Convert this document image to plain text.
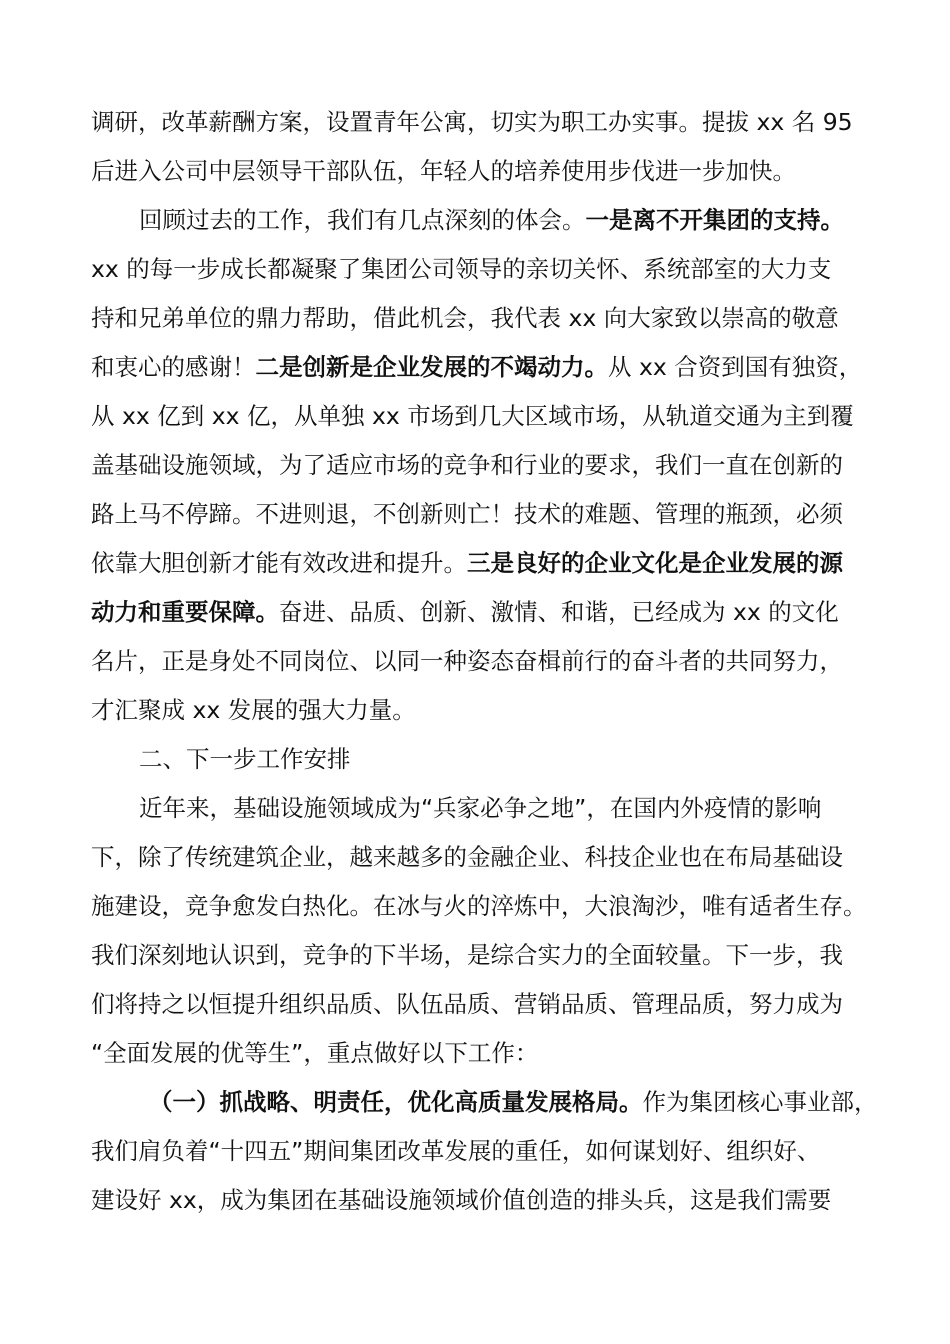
调研，改革薪酬方案，设置青年公寓，切实为职工办实事。提拔 xx 名 95
后进入公司中层领导干部队伍，年轻人的培养使用步伐进一步加快。
回顾过去的工作，我们有几点深刻的体会。一是离不开集团的支持。
xx 的每一步成长都凝聚了集团公司领导的亲切关怀、系统部室的大力支
持和兄弟单位的鼎力帮助，借此机会，我代表 xx 向大家致以崇高的敬意
和衷心的感谢！二是创新是企业发展的不竭动力。从 xx 合资到国有独资，
从 xx 亿到 xx 亿，从单独 xx 市场到几大区域市场，从轨道交通为主到覆
盖基础设施领域，为了适应市场的竞争和行业的要求，我们一直在创新的
路上马不停蹄。不进则退，不创新则亡！技术的难题、管理的瓶颈，必须
依靠大胆创新才能有效改进和提升。三是良好的企业文化是企业发展的源
动力和重要保障。奋进、品质、创新、激情、和谐，已经成为 xx 的文化
名片，正是身处不同岗位、以同一种姿态奋楫前行的奋斗者的共同努力，
才汇聚成 xx 发展的强大力量。
二、下一步工作安排
近年来，基础设施领域成为“兵家必争之地”，在国内外疫情的影响
下，除了传统建筑企业，越来越多的金融企业、科技企业也在布局基础设
施建设，竞争愈发白热化。在冰与火的淬炼中，大浪淘沙，唯有适者生存。
我们深刻地认识到，竞争的下半场，是综合实力的全面较量。下一步，我
们将持之以恒提升组织品质、队伍品质、营销品质、管理品质，努力成为
“全面发展的优等生”，重点做好以下工作：
（一）抓战略、明责任，优化高质量发展格局。作为集团核心事业部，
我们肩负着“十四五”期间集团改革发展的重任，如何谋划好、组织好、
建设好 xx，成为集团在基础设施领域价值创造的排头兵，这是我们需要
